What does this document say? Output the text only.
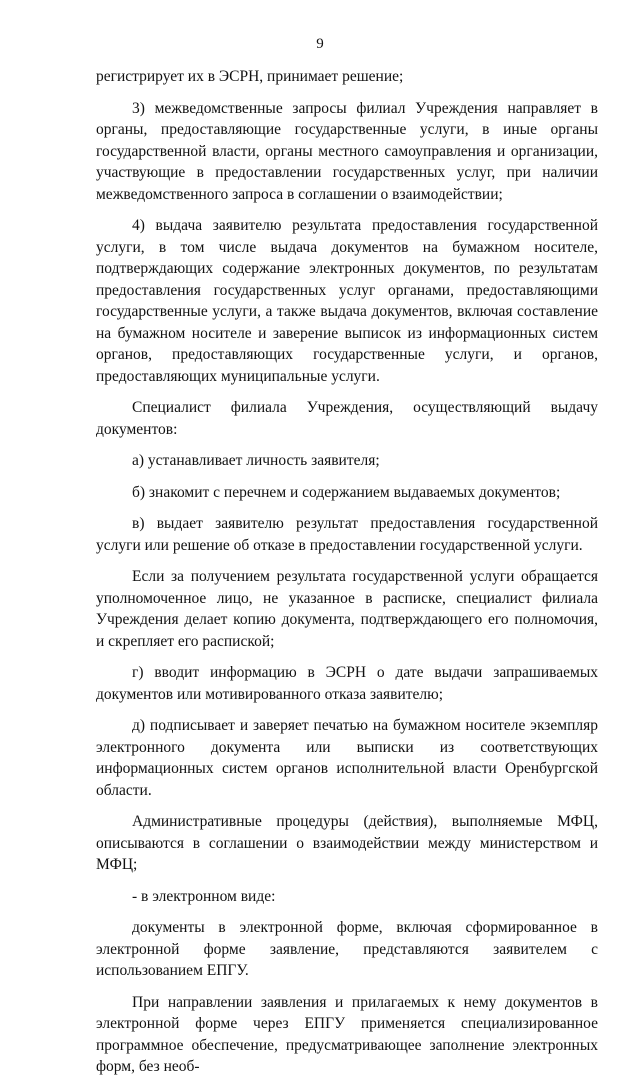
9

регистрирует их в ЭСРН, принимает решение;

3) межведомственные запросы филиал Учреждения направляет в органы, предоставляющие государственные услуги, в иные органы государственной власти, органы местного самоуправления и организации, участвующие в предоставлении государственных услуг, при наличии межведомственного запроса в соглашении о взаимодействии;

4) выдача заявителю результата предоставления государственной услуги, в том числе выдача документов на бумажном носителе, подтверждающих содержание электронных документов, по результатам предоставления государственных услуг органами, предоставляющими государственные услуги, а также выдача документов, включая составление на бумажном носителе и заверение выписок из информационных систем органов, предоставляющих государственные услуги, и органов, предоставляющих муниципальные услуги.

Специалист филиала Учреждения, осуществляющий выдачу документов:

а) устанавливает личность заявителя;

б) знакомит с перечнем и содержанием выдаваемых документов;

в) выдает заявителю результат предоставления государственной услуги или решение об отказе в предоставлении государственной услуги.

Если за получением результата государственной услуги обращается уполномоченное лицо, не указанное в расписке, специалист филиала Учреждения делает копию документа, подтверждающего его полномочия, и скрепляет его распиской;

г) вводит информацию в ЭСРН о дате выдачи запрашиваемых документов или мотивированного отказа заявителю;

д) подписывает и заверяет печатью на бумажном носителе экземпляр электронного документа или выписки из соответствующих информационных систем органов исполнительной власти Оренбургской области.

Административные процедуры (действия), выполняемые МФЦ, описываются в соглашении о взаимодействии между министерством и МФЦ;

- в электронном виде:

документы в электронной форме, включая сформированное в электронной форме заявление, представляются заявителем с использованием ЕПГУ.

При направлении заявления и прилагаемых к нему документов в электронной форме через ЕПГУ применяется специализированное программное обеспечение, предусматривающее заполнение электронных форм, без необ-
